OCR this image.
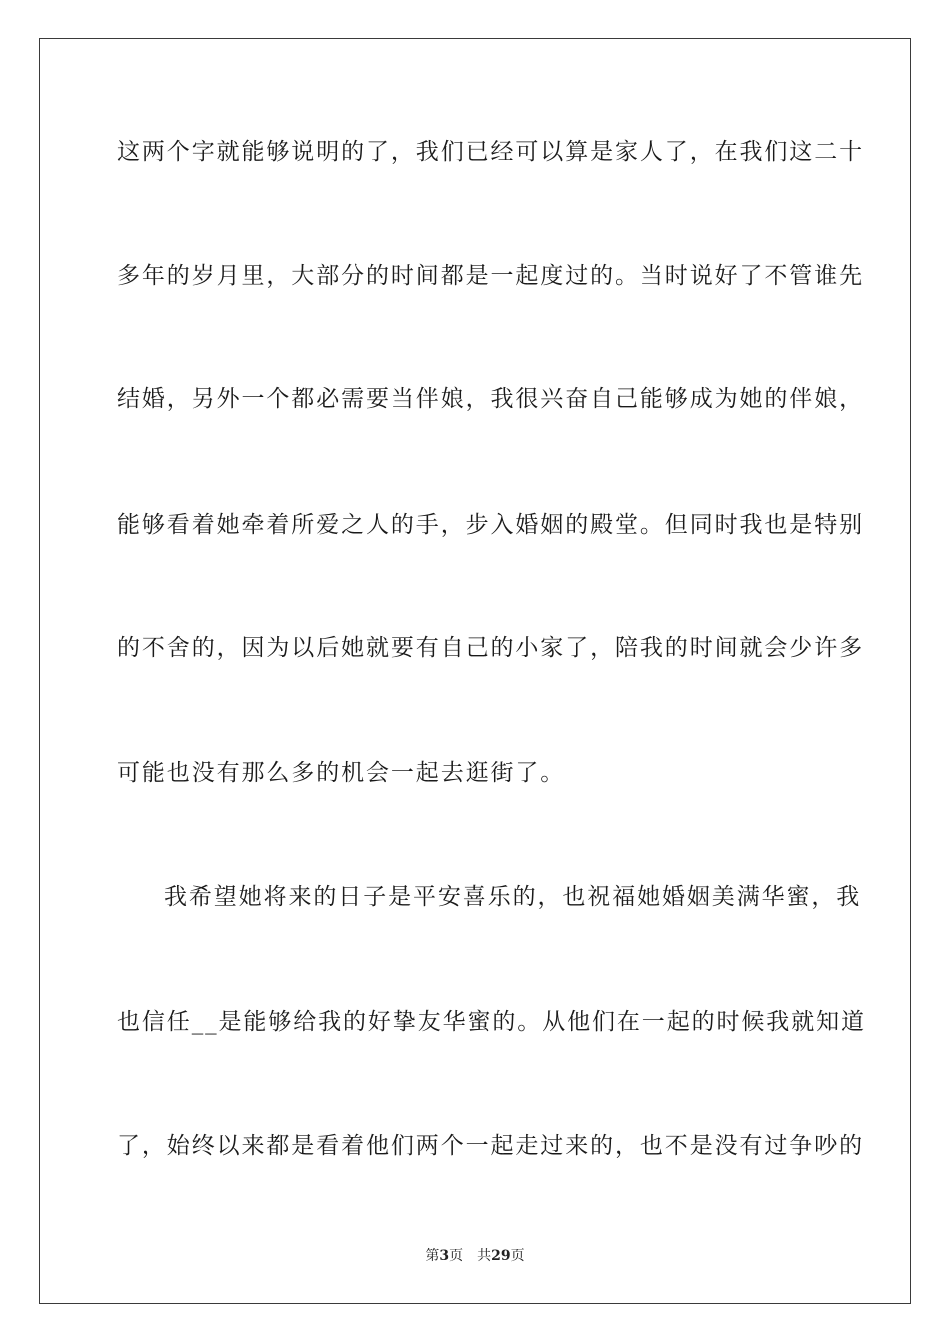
这两个字就能够说明的了，我们已经可以算是家人了，在我们这二十
多年的岁月里，大部分的时间都是一起度过的。当时说好了不管谁先
结婚，另外一个都必需要当伴娘，我很兴奋自己能够成为她的伴娘，
能够看着她牵着所爱之人的手，步入婚姻的殿堂。但同时我也是特别
的不舍的，因为以后她就要有自己的小家了，陪我的时间就会少许多
可能也没有那么多的机会一起去逛街了。
我希望她将来的日子是平安喜乐的，也祝福她婚姻美满华蜜，我
也信任__是能够给我的好挚友华蜜的。从他们在一起的时候我就知道
了，始终以来都是看着他们两个一起走过来的，也不是没有过争吵的
第3页 共29页
